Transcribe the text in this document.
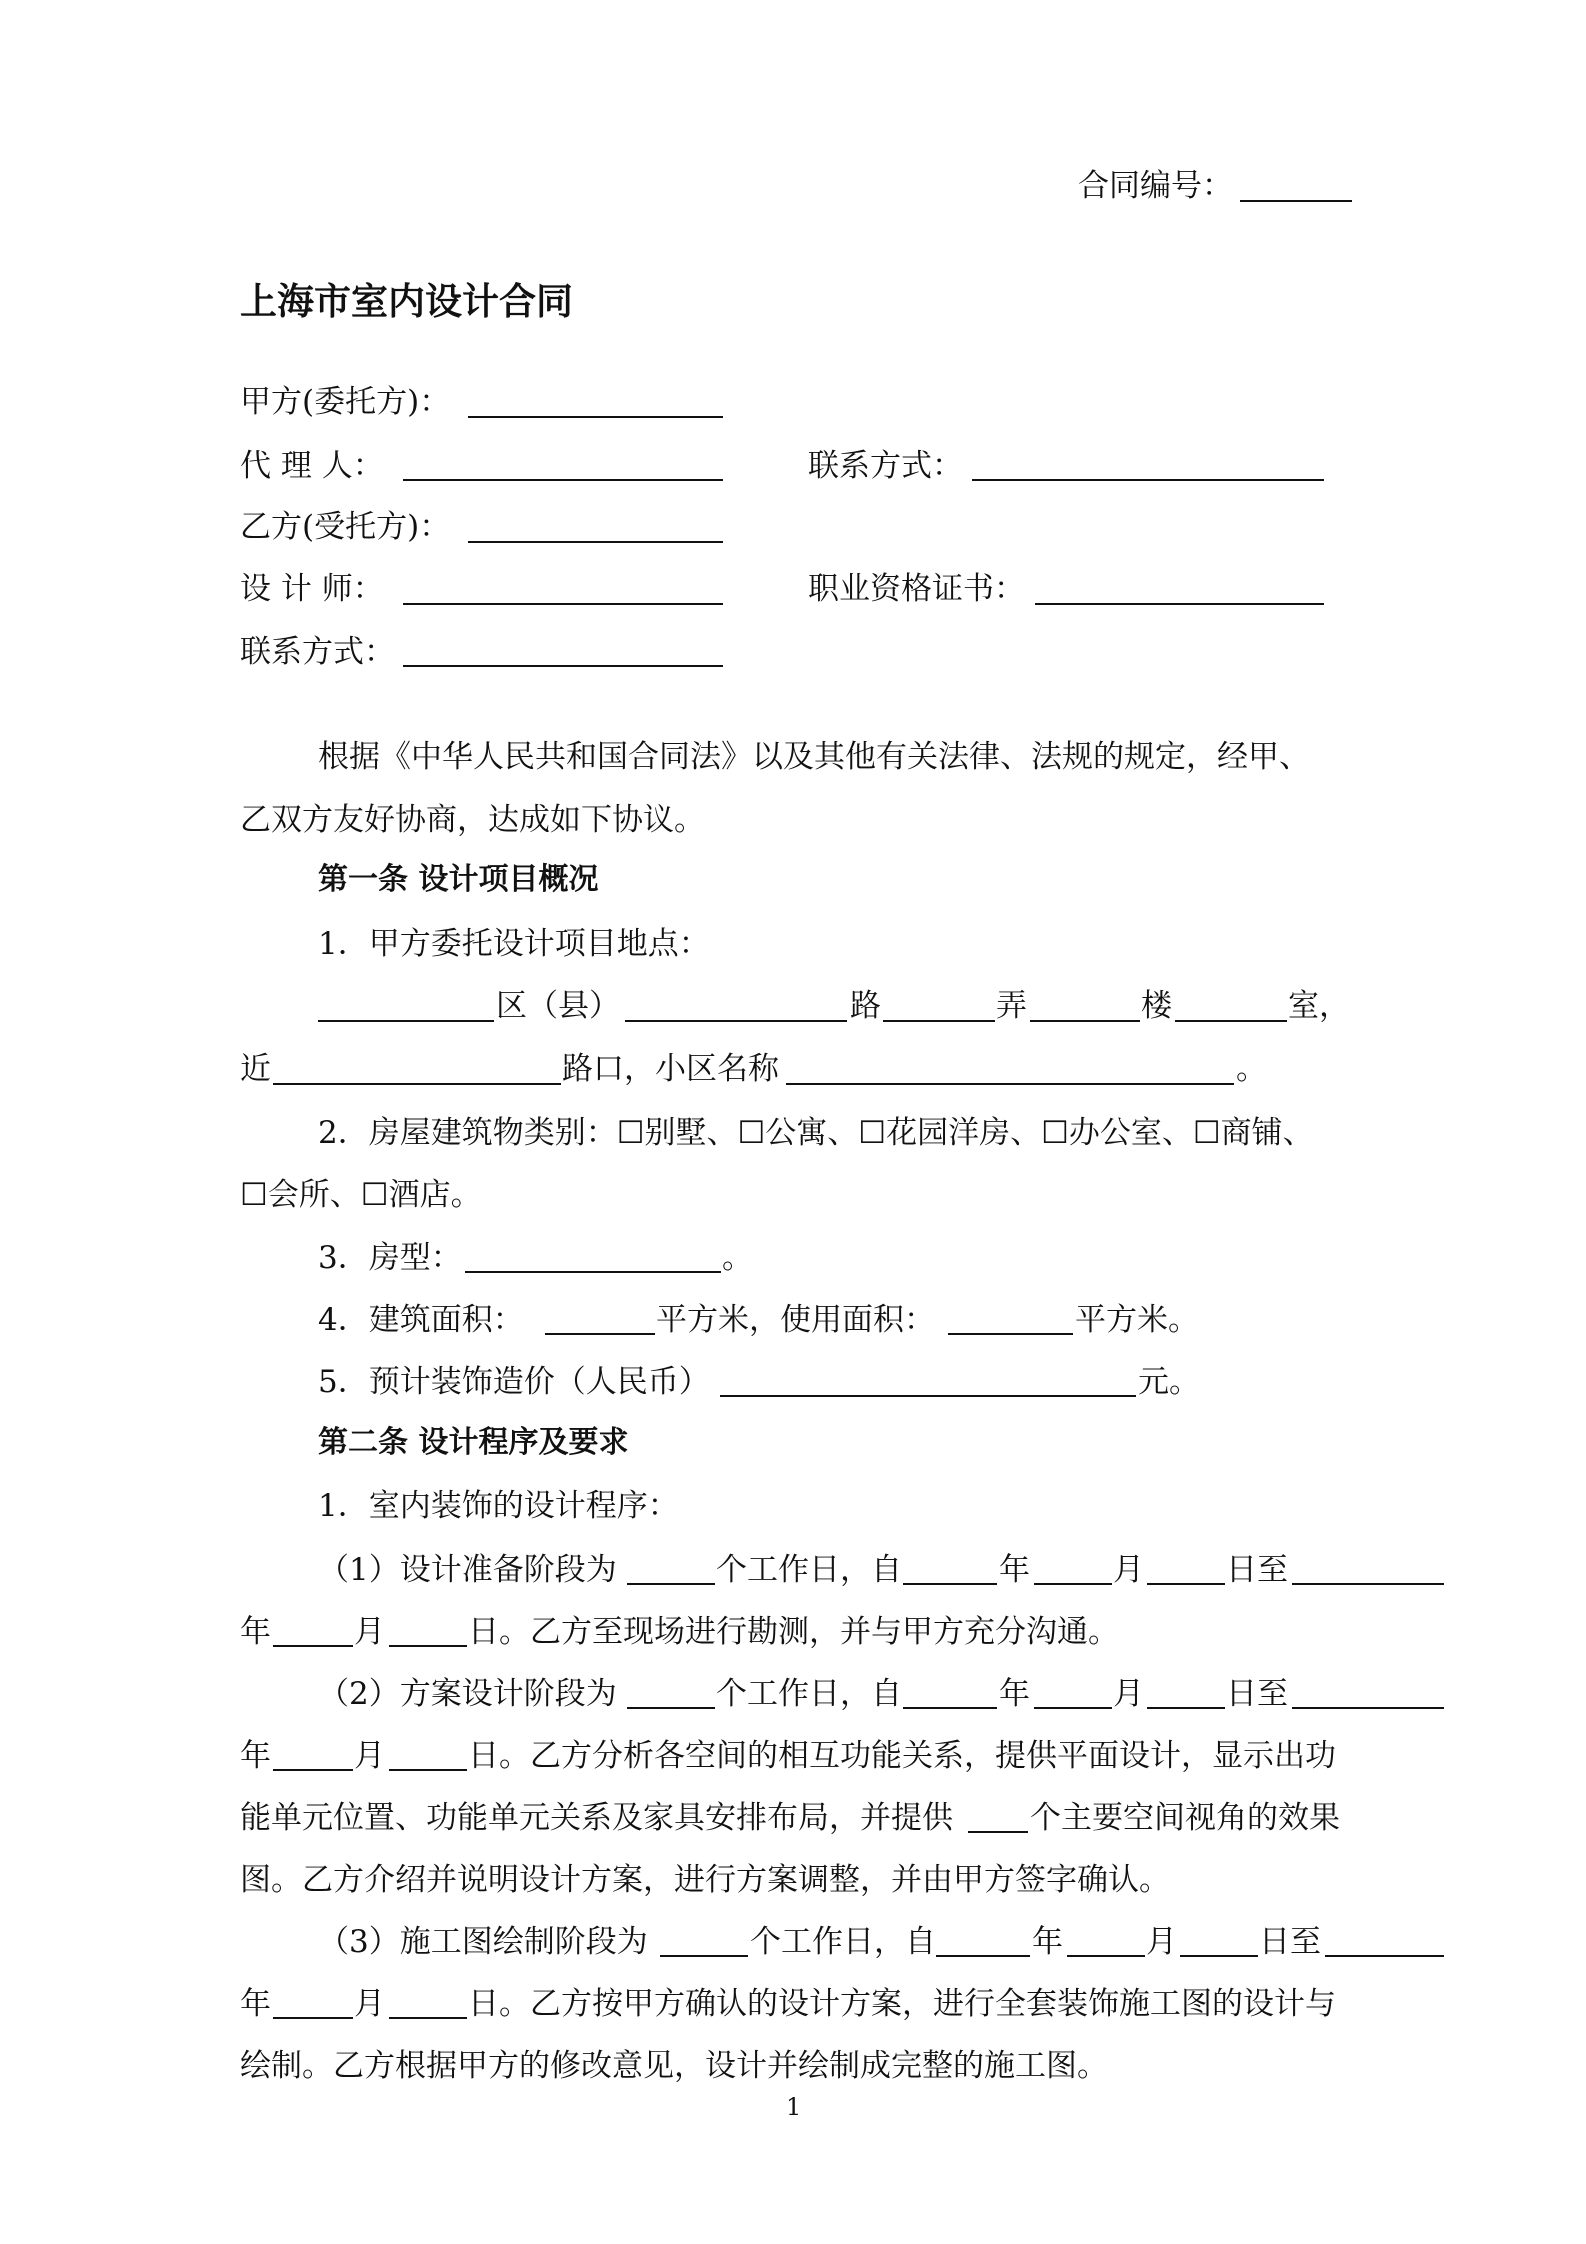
合同编号：
上海市室内设计合同
甲方(委托方)：
代 理 人：	联系方式：
乙方(受托方)：
设 计 师：	职业资格证书：
联系方式：
根据《中华人民共和国合同法》以及其他有关法律、法规的规定，经甲、
乙双方友好协商，达成如下协议。
第一条 设计项目概况
1．甲方委托设计项目地点：
区（县）	路	弄	楼	室，
近	路口，小区名称	。
2．房屋建筑物类别：☐别墅、☐公寓、☐花园洋房、☐办公室、☐商铺、
☐会所、☐酒店。
3．房型：	。
4．建筑面积：	平方米，使用面积：	平方米。
5．预计装饰造价（人民币）	元。
第二条 设计程序及要求
1．室内装饰的设计程序：
（1）设计准备阶段为	个工作日，自	年	月	日至
年	月	日。乙方至现场进行勘测，并与甲方充分沟通。
（2）方案设计阶段为	个工作日，自	年	月	日至
年	月	日。乙方分析各空间的相互功能关系，提供平面设计，显示出功
能单元位置、功能单元关系及家具安排布局，并提供 个主要空间视角的效果
图。乙方介绍并说明设计方案，进行方案调整，并由甲方签字确认。
（3）施工图绘制阶段为	个工作日，自	年	月	日至
年	月	日。乙方按甲方确认的设计方案，进行全套装饰施工图的设计与
绘制。乙方根据甲方的修改意见，设计并绘制成完整的施工图。
1
